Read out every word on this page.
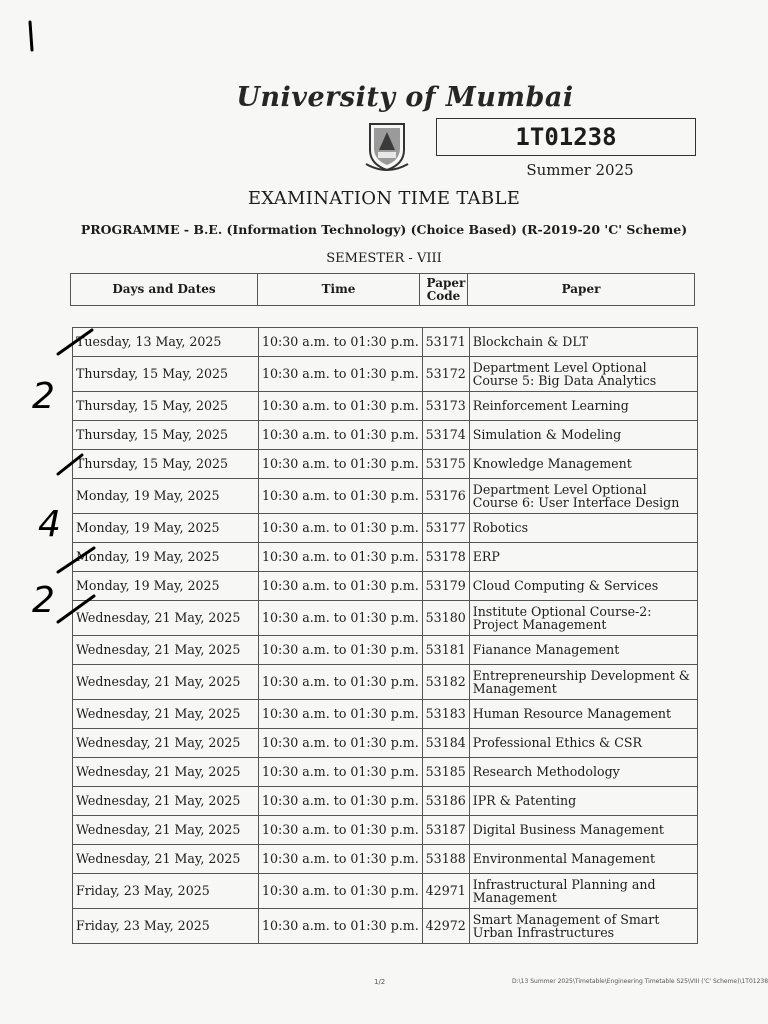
University of Mumbai
1T01238
Summer 2025
EXAMINATION TIME TABLE
PROGRAMME - B.E. (Information Technology) (Choice Based) (R-2019-20 'C' Scheme)
SEMESTER - VIII
Days and Dates	Time	Paper Code	Paper
Tuesday, 13 May, 2025	10:30 a.m. to 01:30 p.m.	53171	Blockchain & DLT
Thursday, 15 May, 2025	10:30 a.m. to 01:30 p.m.	53172	Department Level Optional Course 5: Big Data Analytics
Thursday, 15 May, 2025	10:30 a.m. to 01:30 p.m.	53173	Reinforcement Learning
Thursday, 15 May, 2025	10:30 a.m. to 01:30 p.m.	53174	Simulation & Modeling
Thursday, 15 May, 2025	10:30 a.m. to 01:30 p.m.	53175	Knowledge Management
Monday, 19 May, 2025	10:30 a.m. to 01:30 p.m.	53176	Department Level Optional Course 6: User Interface Design
Monday, 19 May, 2025	10:30 a.m. to 01:30 p.m.	53177	Robotics
Monday, 19 May, 2025	10:30 a.m. to 01:30 p.m.	53178	ERP
Monday, 19 May, 2025	10:30 a.m. to 01:30 p.m.	53179	Cloud Computing & Services
Wednesday, 21 May, 2025	10:30 a.m. to 01:30 p.m.	53180	Institute Optional Course-2: Project Management
Wednesday, 21 May, 2025	10:30 a.m. to 01:30 p.m.	53181	Fianance Management
Wednesday, 21 May, 2025	10:30 a.m. to 01:30 p.m.	53182	Entrepreneurship Development & Management
Wednesday, 21 May, 2025	10:30 a.m. to 01:30 p.m.	53183	Human Resource Management
Wednesday, 21 May, 2025	10:30 a.m. to 01:30 p.m.	53184	Professional Ethics & CSR
Wednesday, 21 May, 2025	10:30 a.m. to 01:30 p.m.	53185	Research Methodology
Wednesday, 21 May, 2025	10:30 a.m. to 01:30 p.m.	53186	IPR & Patenting
Wednesday, 21 May, 2025	10:30 a.m. to 01:30 p.m.	53187	Digital Business Management
Wednesday, 21 May, 2025	10:30 a.m. to 01:30 p.m.	53188	Environmental Management
Friday, 23 May, 2025	10:30 a.m. to 01:30 p.m.	42971	Infrastructural Planning and Management
Friday, 23 May, 2025	10:30 a.m. to 01:30 p.m.	42972	Smart Management of Smart Urban Infrastructures
2
4
2
1/2	D:\13 Summer 2025\Timetable\Engineering Timetable S25\VIII ('C' Scheme)\1T01238
